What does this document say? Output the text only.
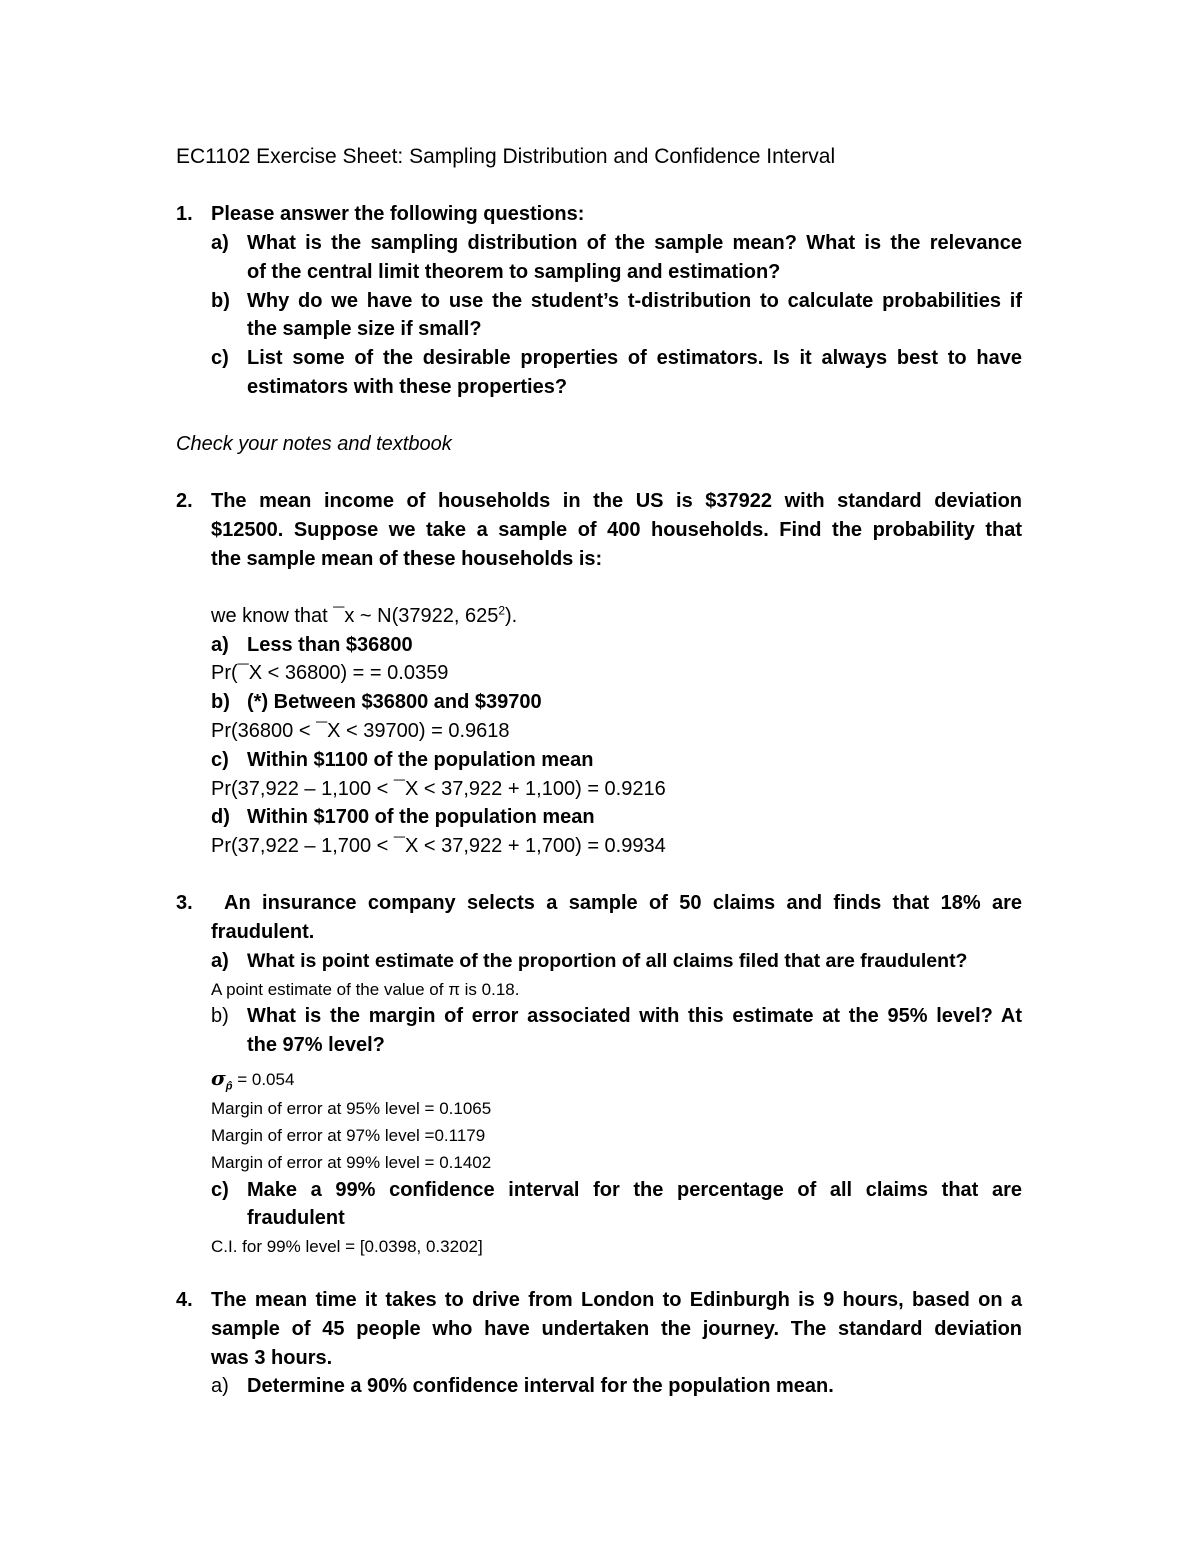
EC1102 Exercise Sheet: Sampling Distribution and Confidence Interval
1. Please answer the following questions:
a) What is the sampling distribution of the sample mean? What is the relevance
of the central limit theorem to sampling and estimation?
b) Why do we have to use the student’s t-distribution to calculate probabilities if
the sample size if small?
c) List some of the desirable properties of estimators. Is it always best to have
estimators with these properties?
Check your notes and textbook
2. The mean income of households in the US is $37922 with standard deviation
$12500. Suppose we take a sample of 400 households. Find the probability that
the sample mean of these households is:
we know that ¯x ~ N(37922, $625^2$).
a) Less than $36800
Pr(¯X < 36800) = = 0.0359
b) (*) Between $36800 and $39700
Pr(36800 < ¯X < 39700) = 0.9618
c) Within $1100 of the population mean
Pr(37,922 – 1,100 < ¯X < 37,922 + 1,100) = 0.9216
d) Within $1700 of the population mean
Pr(37,922 – 1,700 < ¯X < 37,922 + 1,700) = 0.9934
3. An insurance company selects a sample of 50 claims and finds that 18% are
fraudulent.
a) What is point estimate of the proportion of all claims filed that are fraudulent?
A point estimate of the value of π is 0.18.
b) What is the margin of error associated with this estimate at the 95% level? At
the 97% level?
$\sigma_{p̂} = 0.054$
Margin of error at 95% level = 0.1065
Margin of error at 97% level =0.1179
Margin of error at 99% level = 0.1402
c) Make a 99% confidence interval for the percentage of all claims that are
fraudulent
C.I. for 99% level = [0.0398, 0.3202]
4. The mean time it takes to drive from London to Edinburgh is 9 hours, based on a
sample of 45 people who have undertaken the journey. The standard deviation
was 3 hours.
a) Determine a 90% confidence interval for the population mean.
